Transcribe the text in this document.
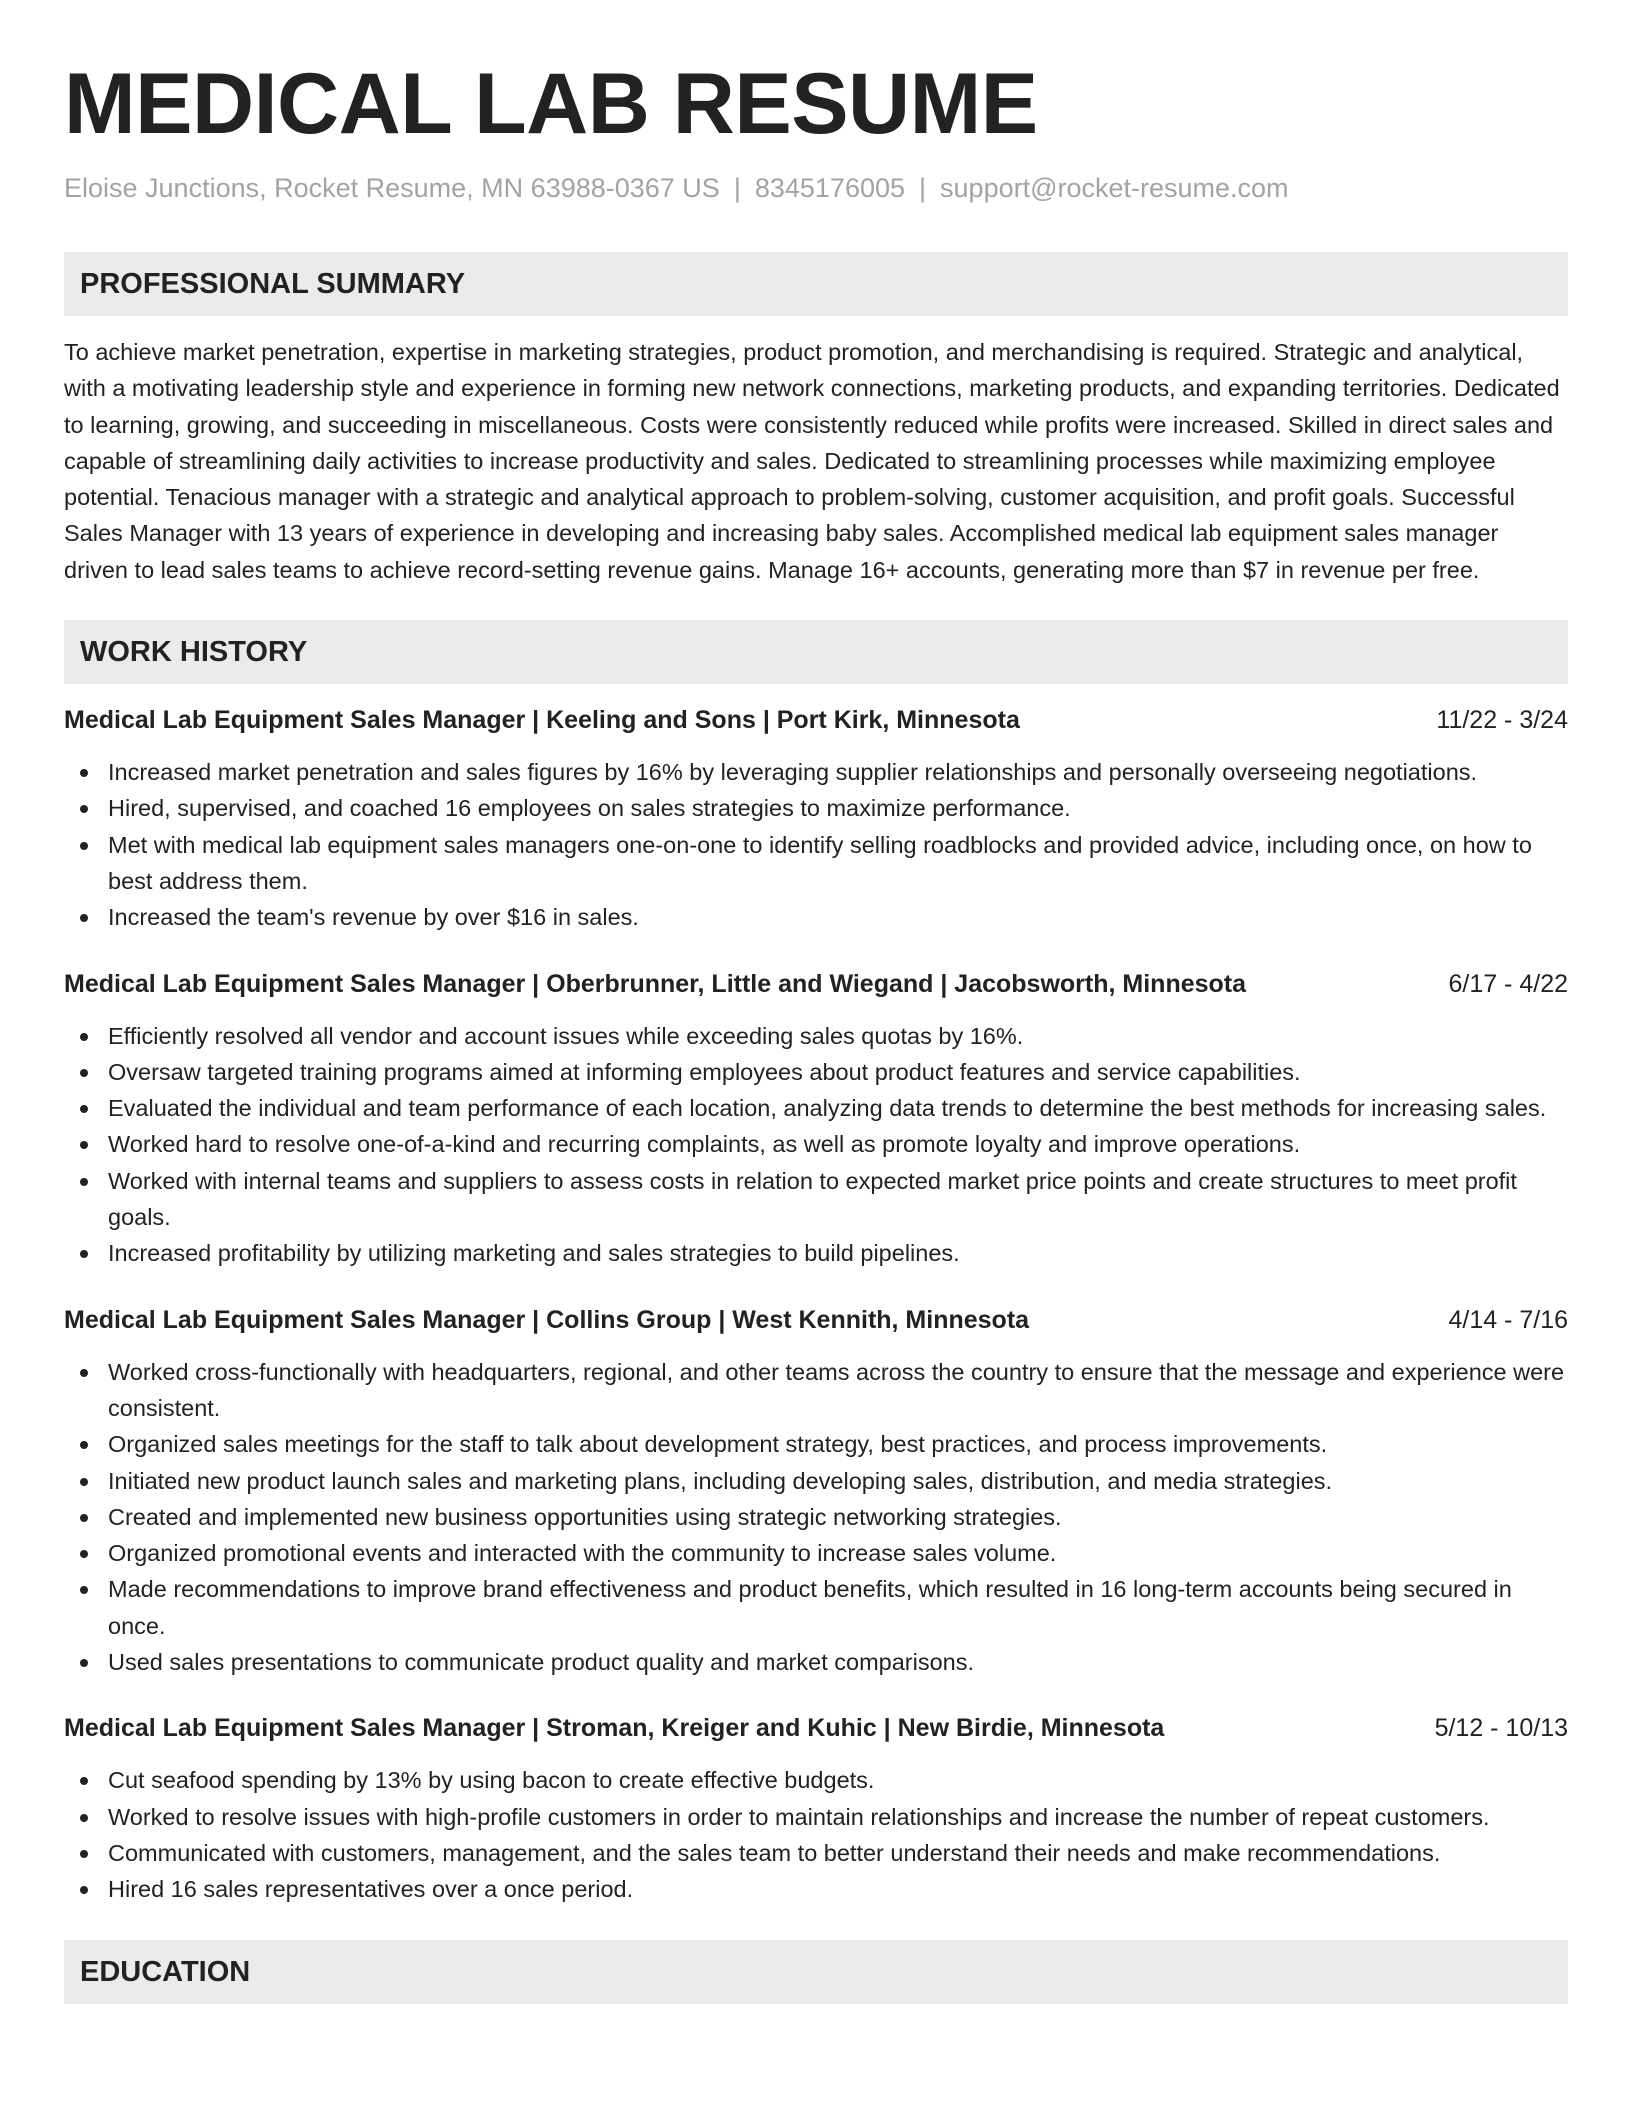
MEDICAL LAB RESUME
Eloise Junctions, Rocket Resume, MN 63988-0367 US | 8345176005 | support@rocket-resume.com
PROFESSIONAL SUMMARY
To achieve market penetration, expertise in marketing strategies, product promotion, and merchandising is required. Strategic and analytical, with a motivating leadership style and experience in forming new network connections, marketing products, and expanding territories. Dedicated to learning, growing, and succeeding in miscellaneous. Costs were consistently reduced while profits were increased. Skilled in direct sales and capable of streamlining daily activities to increase productivity and sales. Dedicated to streamlining processes while maximizing employee potential. Tenacious manager with a strategic and analytical approach to problem-solving, customer acquisition, and profit goals. Successful Sales Manager with 13 years of experience in developing and increasing baby sales. Accomplished medical lab equipment sales manager driven to lead sales teams to achieve record-setting revenue gains. Manage 16+ accounts, generating more than $7 in revenue per free.
WORK HISTORY
Medical Lab Equipment Sales Manager | Keeling and Sons | Port Kirk, Minnesota	11/22 - 3/24
Increased market penetration and sales figures by 16% by leveraging supplier relationships and personally overseeing negotiations.
Hired, supervised, and coached 16 employees on sales strategies to maximize performance.
Met with medical lab equipment sales managers one-on-one to identify selling roadblocks and provided advice, including once, on how to best address them.
Increased the team's revenue by over $16 in sales.
Medical Lab Equipment Sales Manager | Oberbrunner, Little and Wiegand | Jacobsworth, Minnesota	6/17 - 4/22
Efficiently resolved all vendor and account issues while exceeding sales quotas by 16%.
Oversaw targeted training programs aimed at informing employees about product features and service capabilities.
Evaluated the individual and team performance of each location, analyzing data trends to determine the best methods for increasing sales.
Worked hard to resolve one-of-a-kind and recurring complaints, as well as promote loyalty and improve operations.
Worked with internal teams and suppliers to assess costs in relation to expected market price points and create structures to meet profit goals.
Increased profitability by utilizing marketing and sales strategies to build pipelines.
Medical Lab Equipment Sales Manager | Collins Group | West Kennith, Minnesota	4/14 - 7/16
Worked cross-functionally with headquarters, regional, and other teams across the country to ensure that the message and experience were consistent.
Organized sales meetings for the staff to talk about development strategy, best practices, and process improvements.
Initiated new product launch sales and marketing plans, including developing sales, distribution, and media strategies.
Created and implemented new business opportunities using strategic networking strategies.
Organized promotional events and interacted with the community to increase sales volume.
Made recommendations to improve brand effectiveness and product benefits, which resulted in 16 long-term accounts being secured in once.
Used sales presentations to communicate product quality and market comparisons.
Medical Lab Equipment Sales Manager | Stroman, Kreiger and Kuhic | New Birdie, Minnesota	5/12 - 10/13
Cut seafood spending by 13% by using bacon to create effective budgets.
Worked to resolve issues with high-profile customers in order to maintain relationships and increase the number of repeat customers.
Communicated with customers, management, and the sales team to better understand their needs and make recommendations.
Hired 16 sales representatives over a once period.
EDUCATION
